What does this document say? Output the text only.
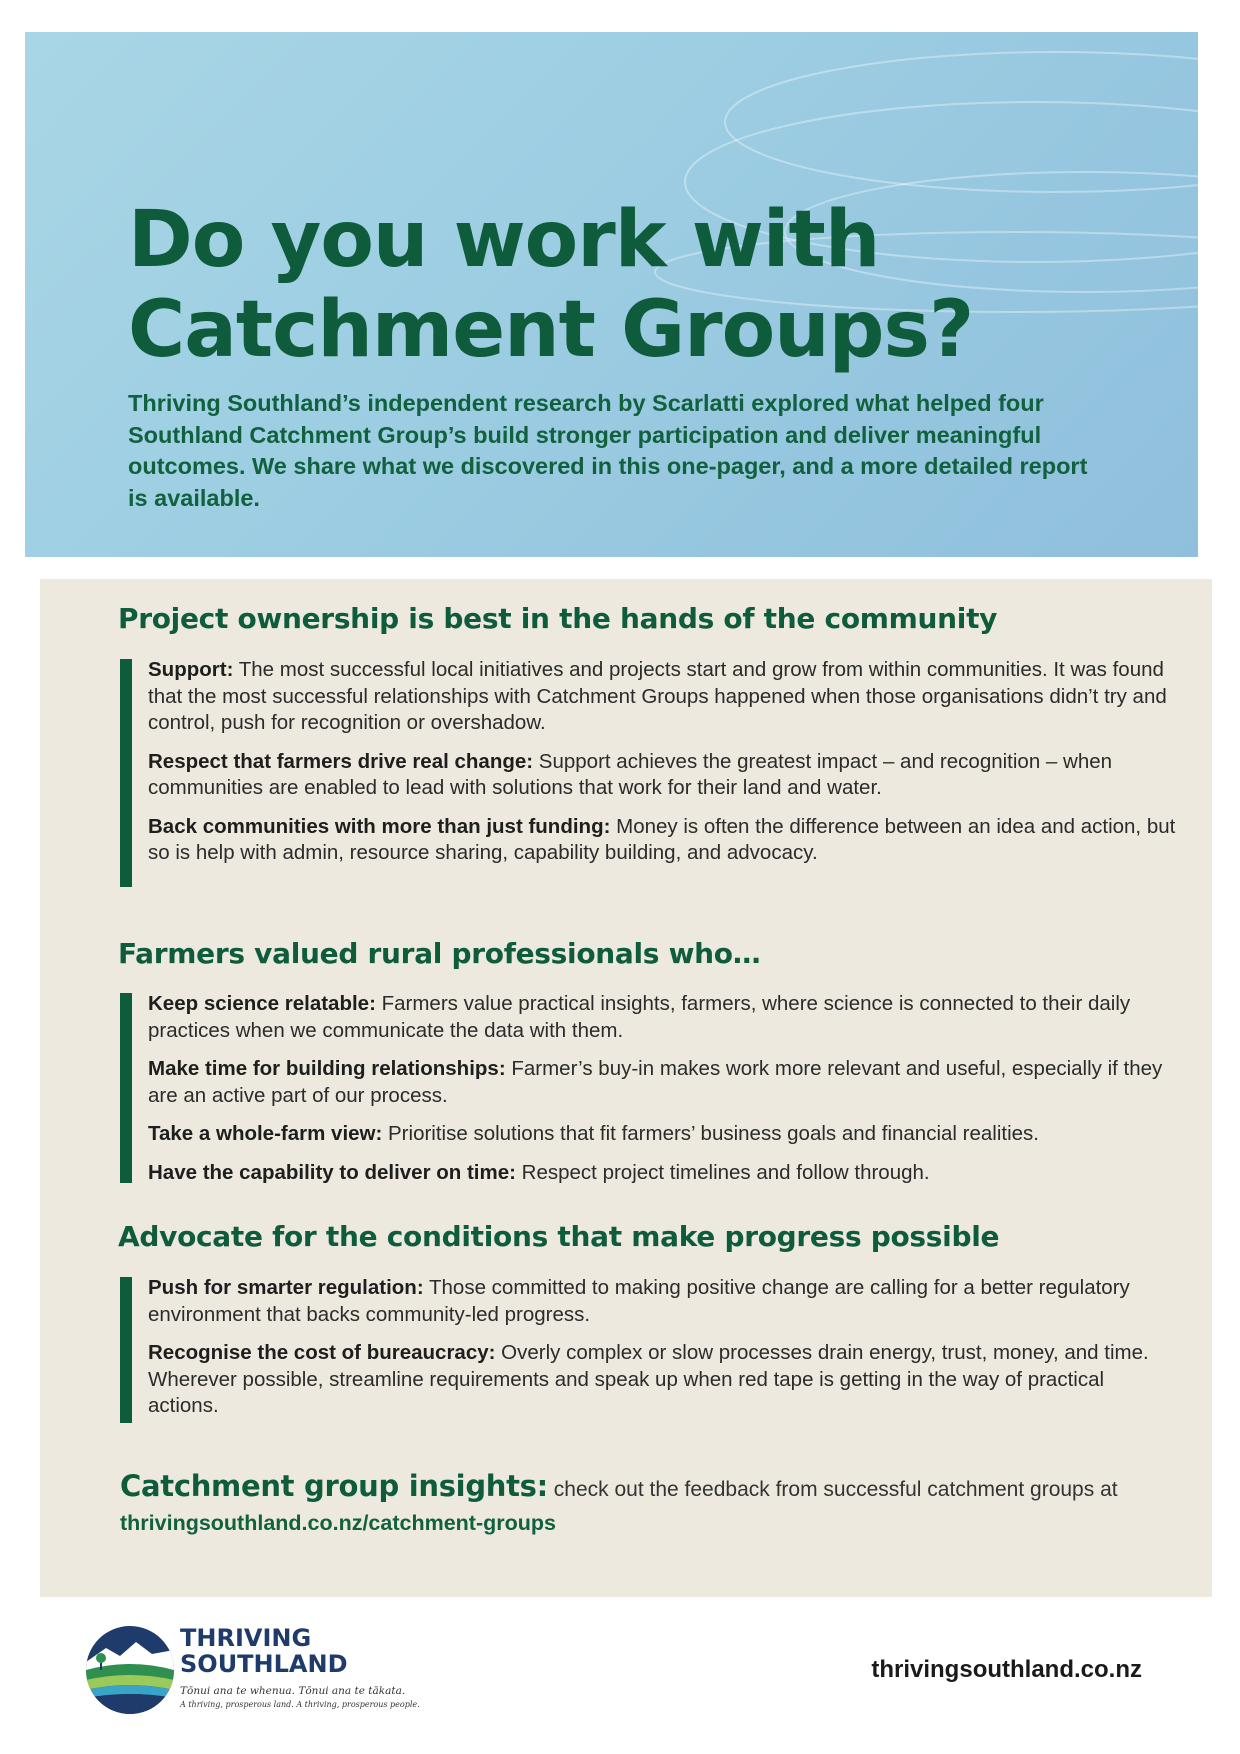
Do you work with
Catchment Groups?

Thriving Southland’s independent research by Scarlatti explored what helped four Southland Catchment Group’s build stronger participation and deliver meaningful outcomes. We share what we discovered in this one-pager, and a more detailed report is available.

Project ownership is best in the hands of the community

Support: The most successful local initiatives and projects start and grow from within communities. It was found that the most successful relationships with Catchment Groups happened when those organisations didn’t try and control, push for recognition or overshadow.

Respect that farmers drive real change: Support achieves the greatest impact – and recognition – when communities are enabled to lead with solutions that work for their land and water.

Back communities with more than just funding: Money is often the difference between an idea and action, but so is help with admin, resource sharing, capability building, and advocacy.

Farmers valued rural professionals who…

Keep science relatable: Farmers value practical insights, farmers, where science is connected to their daily practices when we communicate the data with them.

Make time for building relationships: Farmer’s buy-in makes work more relevant and useful, especially if they are an active part of our process.

Take a whole-farm view: Prioritise solutions that fit farmers’ business goals and financial realities.

Have the capability to deliver on time: Respect project timelines and follow through.

Advocate for the conditions that make progress possible

Push for smarter regulation: Those committed to making positive change are calling for a better regulatory environment that backs community-led progress.

Recognise the cost of bureaucracy: Overly complex or slow processes drain energy, trust, money, and time. Wherever possible, streamline requirements and speak up when red tape is getting in the way of practical actions.

Catchment group insights: check out the feedback from successful catchment groups at
thrivingsouthland.co.nz/catchment-groups
THRIVING
SOUTHLAND
Tōnui ana te whenua. Tōnui ana te tākata.
A thriving, prosperous land. A thriving, prosperous people.
thrivingsouthland.co.nz
